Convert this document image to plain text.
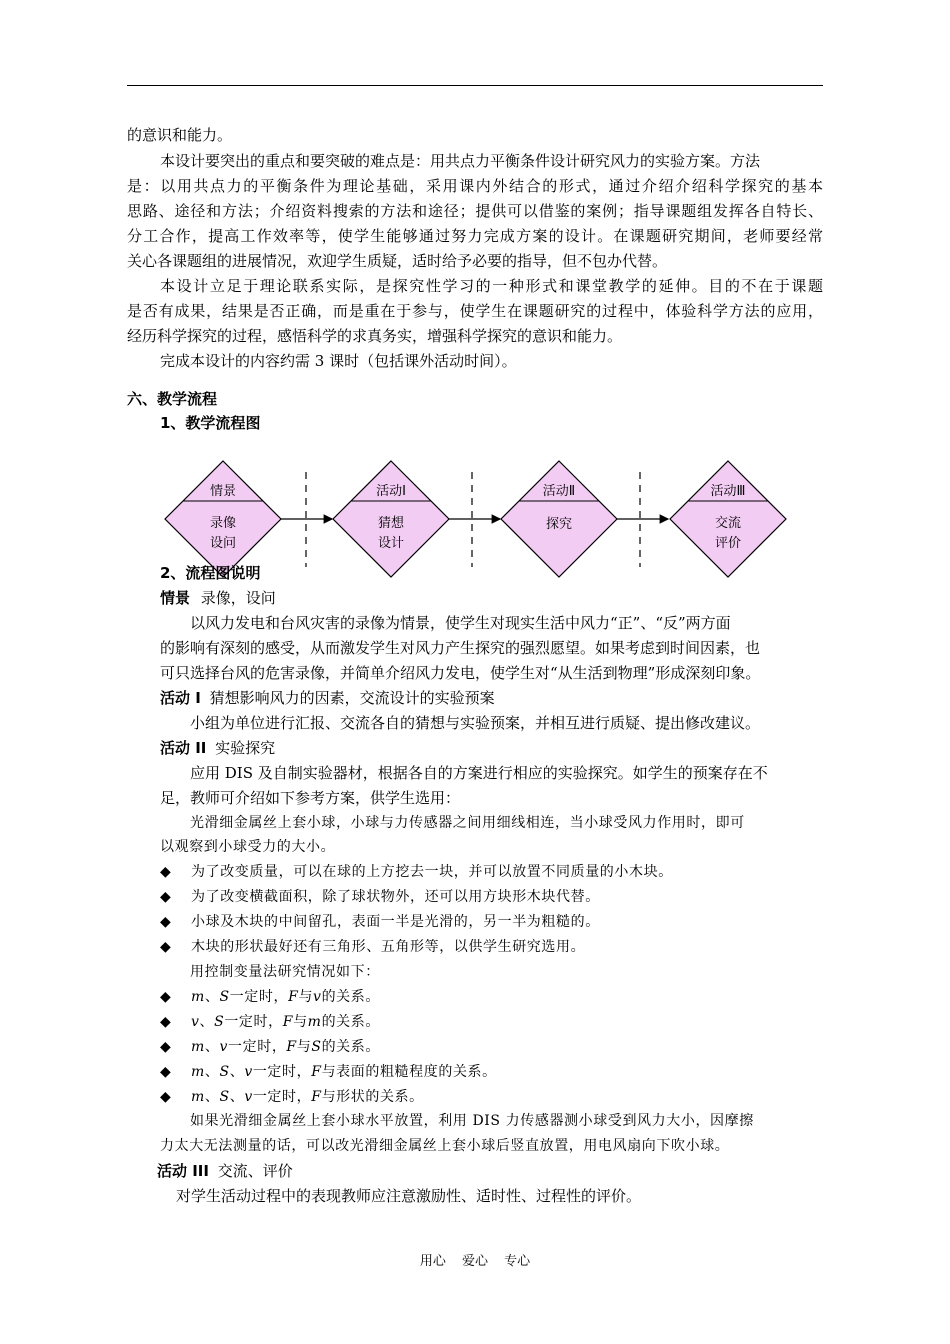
的意识和能力。
本设计要突出的重点和要突破的难点是：用共点力平衡条件设计研究风力的实验方案。方法
是：以用共点力的平衡条件为理论基础，采用课内外结合的形式，通过介绍介绍科学探究的基本
思路、途径和方法；介绍资料搜索的方法和途径；提供可以借鉴的案例；指导课题组发挥各自特长、
分工合作，提高工作效率等，使学生能够通过努力完成方案的设计。在课题研究期间，老师要经常
关心各课题组的进展情况，欢迎学生质疑，适时给予必要的指导，但不包办代替。
本设计立足于理论联系实际，是探究性学习的一种形式和课堂教学的延伸。目的不在于课题
是否有成果，结果是否正确，而是重在于参与，使学生在课题研究的过程中，体验科学方法的应用，
经历科学探究的过程，感悟科学的求真务实，增强科学探究的意识和能力。
完成本设计的内容约需 3 课时（包括课外活动时间）。
六、教学流程
1、教学流程图
情景
录像
设问
活动Ⅰ
猜想
设计
活动Ⅱ
探究
活动Ⅲ
交流
评价
2、流程图说明
情景 录像，设问
以风力发电和台风灾害的录像为情景，使学生对现实生活中风力“正”、“反”两方面
的影响有深刻的感受，从而激发学生对风力产生探究的强烈愿望。如果考虑到时间因素，也
可只选择台风的危害录像，并简单介绍风力发电，使学生对“从生活到物理”形成深刻印象。
活动 I 猜想影响风力的因素，交流设计的实验预案
小组为单位进行汇报、交流各自的猜想与实验预案，并相互进行质疑、提出修改建议。
活动 II 实验探究
应用 DIS 及自制实验器材，根据各自的方案进行相应的实验探究。如学生的预案存在不
足，教师可介绍如下参考方案，供学生选用：
光滑细金属丝上套小球，小球与力传感器之间用细线相连，当小球受风力作用时，即可
以观察到小球受力的大小。
◆ 为了改变质量，可以在球的上方挖去一块，并可以放置不同质量的小木块。
◆ 为了改变横截面积，除了球状物外，还可以用方块形木块代替。
◆ 小球及木块的中间留孔，表面一半是光滑的，另一半为粗糙的。
◆ 木块的形状最好还有三角形、五角形等，以供学生研究选用。
用控制变量法研究情况如下：
◆ m、S一定时，F与v的关系。
◆ v、S一定时，F与m的关系。
◆ m、v一定时，F与S的关系。
◆ m、S、v一定时，F与表面的粗糙程度的关系。
◆ m、S、v一定时，F与形状的关系。
如果光滑细金属丝上套小球水平放置，利用 DIS 力传感器测小球受到风力大小，因摩擦
力太大无法测量的话，可以改光滑细金属丝上套小球后竖直放置，用电风扇向下吹小球。
活动 III 交流、评价
对学生活动过程中的表现教师应注意激励性、适时性、过程性的评价。
用心 爱心 专心
